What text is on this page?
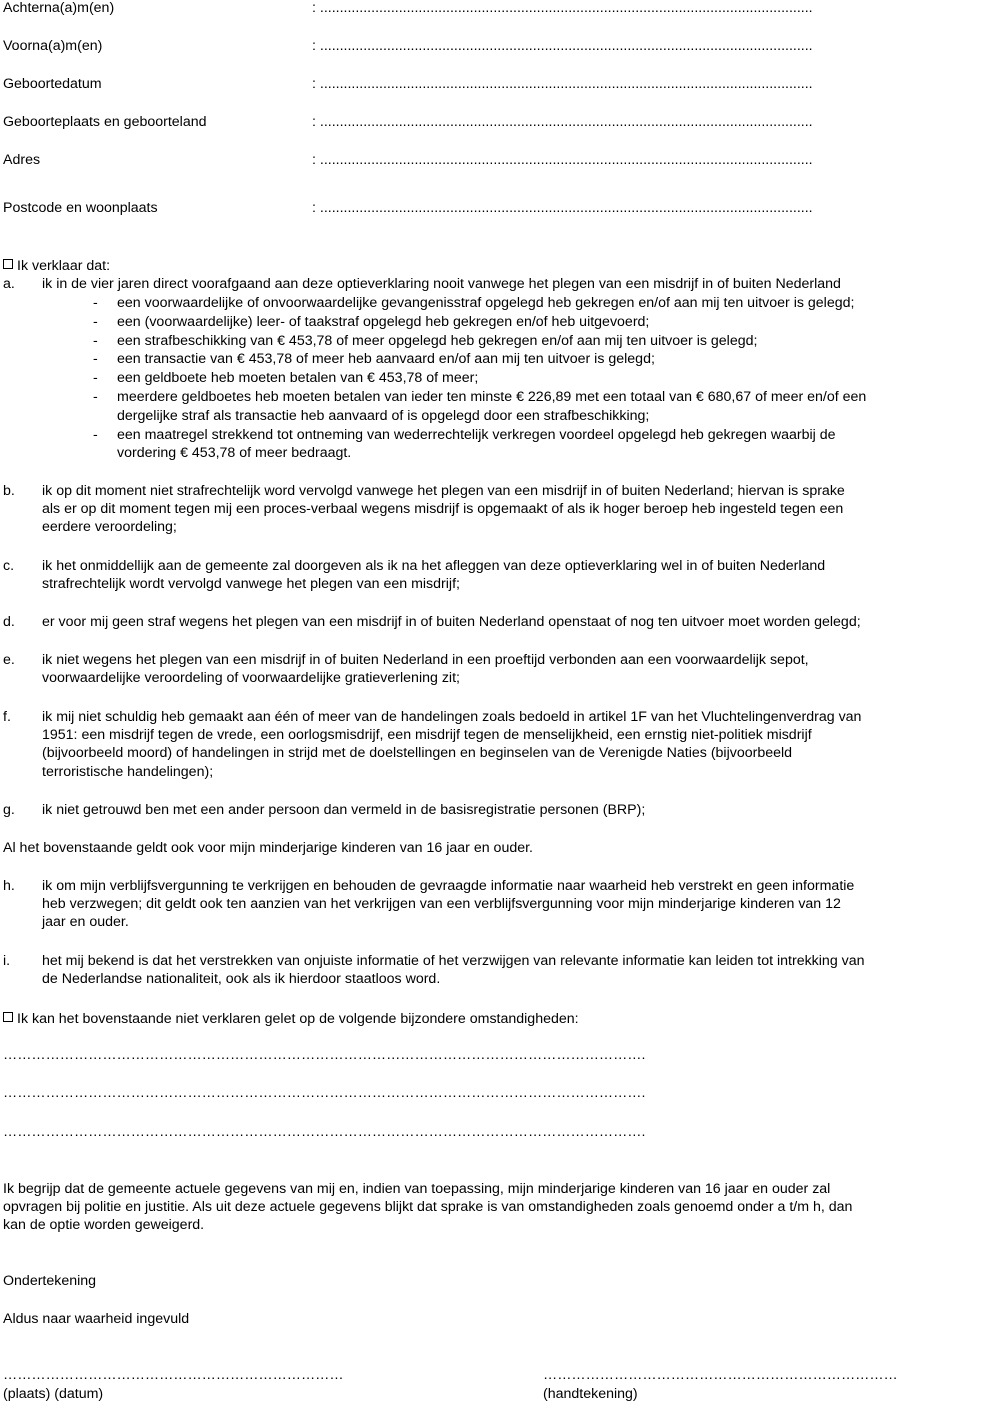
Achterna(a)m(en)	: .............................................................................................................................
Voorna(a)m(en)	: .............................................................................................................................
Geboortedatum	: .............................................................................................................................
Geboorteplaats en geboorteland	: .............................................................................................................................
Adres	: .............................................................................................................................
Postcode en woonplaats	: .............................................................................................................................
Ik verklaar dat:
a. ik in de vier jaren direct voorafgaand aan deze optieverklaring nooit vanwege het plegen van een misdrijf in of buiten Nederland
- een voorwaardelijke of onvoorwaardelijke gevangenisstraf opgelegd heb gekregen en/of aan mij ten uitvoer is gelegd;
- een (voorwaardelijke) leer- of taakstraf opgelegd heb gekregen en/of heb uitgevoerd;
- een strafbeschikking van € 453,78 of meer opgelegd heb gekregen en/of aan mij ten uitvoer is gelegd;
- een transactie van € 453,78 of meer heb aanvaard en/of aan mij ten uitvoer is gelegd;
- een geldboete heb moeten betalen van € 453,78 of meer;
- meerdere geldboetes heb moeten betalen van ieder ten minste € 226,89 met een totaal van € 680,67 of meer en/of een
dergelijke straf als transactie heb aanvaard of is opgelegd door een strafbeschikking;
- een maatregel strekkend tot ontneming van wederrechtelijk verkregen voordeel opgelegd heb gekregen waarbij de
vordering € 453,78 of meer bedraagt.
b. ik op dit moment niet strafrechtelijk word vervolgd vanwege het plegen van een misdrijf in of buiten Nederland; hiervan is sprake
als er op dit moment tegen mij een proces-verbaal wegens misdrijf is opgemaakt of als ik hoger beroep heb ingesteld tegen een
eerdere veroordeling;
c. ik het onmiddellijk aan de gemeente zal doorgeven als ik na het afleggen van deze optieverklaring wel in of buiten Nederland
strafrechtelijk wordt vervolgd vanwege het plegen van een misdrijf;
d. er voor mij geen straf wegens het plegen van een misdrijf in of buiten Nederland openstaat of nog ten uitvoer moet worden gelegd;
e. ik niet wegens het plegen van een misdrijf in of buiten Nederland in een proeftijd verbonden aan een voorwaardelijk sepot,
voorwaardelijke veroordeling of voorwaardelijke gratieverlening zit;
f. ik mij niet schuldig heb gemaakt aan één of meer van de handelingen zoals bedoeld in artikel 1F van het Vluchtelingenverdrag van
1951: een misdrijf tegen de vrede, een oorlogsmisdrijf, een misdrijf tegen de menselijkheid, een ernstig niet-politiek misdrijf
(bijvoorbeeld moord) of handelingen in strijd met de doelstellingen en beginselen van de Verenigde Naties (bijvoorbeeld
terroristische handelingen);
g. ik niet getrouwd ben met een ander persoon dan vermeld in de basisregistratie personen (BRP);
Al het bovenstaande geldt ook voor mijn minderjarige kinderen van 16 jaar en ouder.
h. ik om mijn verblijfsvergunning te verkrijgen en behouden de gevraagde informatie naar waarheid heb verstrekt en geen informatie
heb verzwegen; dit geldt ook ten aanzien van het verkrijgen van een verblijfsvergunning voor mijn minderjarige kinderen van 12
jaar en ouder.
i. het mij bekend is dat het verstrekken van onjuiste informatie of het verzwijgen van relevante informatie kan leiden tot intrekking van
de Nederlandse nationaliteit, ook als ik hierdoor staatloos word.
Ik kan het bovenstaande niet verklaren gelet op de volgende bijzondere omstandigheden:
……………………………………………………………………………………………………………………….
……………………………………………………………………………………………………………………….
……………………………………………………………………………………………………………………….
Ik begrijp dat de gemeente actuele gegevens van mij en, indien van toepassing, mijn minderjarige kinderen van 16 jaar en ouder zal
opvragen bij politie en justitie. Als uit deze actuele gegevens blijkt dat sprake is van omstandigheden zoals genoemd onder a t/m h, dan
kan de optie worden geweigerd.
Ondertekening
Aldus naar waarheid ingevuld
………………………………………………………………
(plaats) (datum)
…………………………………………………………………
(handtekening)
